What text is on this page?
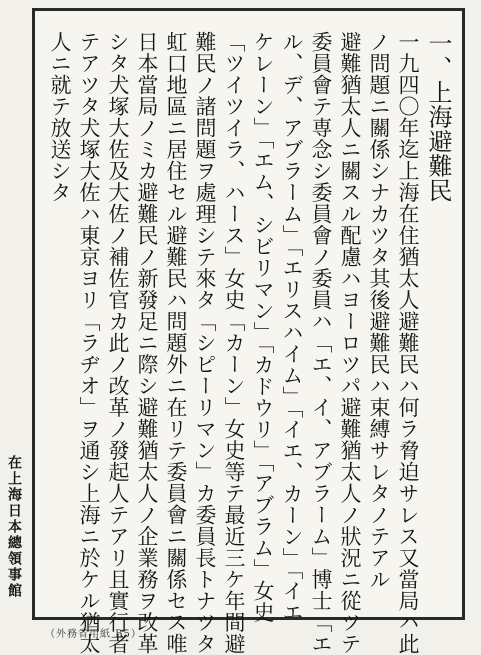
一、上海避難民
一九四〇年迄上海在住猶太人避難民ハ何ラ脅迫サレス又當局ハ此
ノ問題ニ關係シナカツタ其後避難民ハ束縛サレタノテアル
避難猶太人ニ關スル配慮ハヨーロツパ避難猶太人ノ狀況ニ從ツテ
委員會テ専念シ委員會ノ委員ハ「エ、イ、アブラーム」博士「エ
ル、デ、アブラーム」「エリスハイム」「イエ、カーン」「イエ
ケレーン」「エム、シビリマン」「カドウリ」「アブラム」女史
「ツイツイラ、ハース」女史「カーン」女史等テ最近三ケ年間避
難民ノ諸問題ヲ處理シテ來タ「シピーリマン」カ委員長トナツタ
虹口地區ニ居住セル避難民ハ問題外ニ在リテ委員會ニ關係セス唯
日本當局ノミカ避難民ノ新發足ニ際シ避難猶太人ノ企業務ヲ改革
シタ犬塚大佐及大佐ノ補佐官カ此ノ改革ノ發起人テアリ且實行者
テアツタ犬塚大佐ハ東京ヨリ「ラヂオ」ヲ通シ上海ニ於ケル猶太
人ニ就テ放送シタ
在上海日本總領事館
（外務省用紙 B5）
